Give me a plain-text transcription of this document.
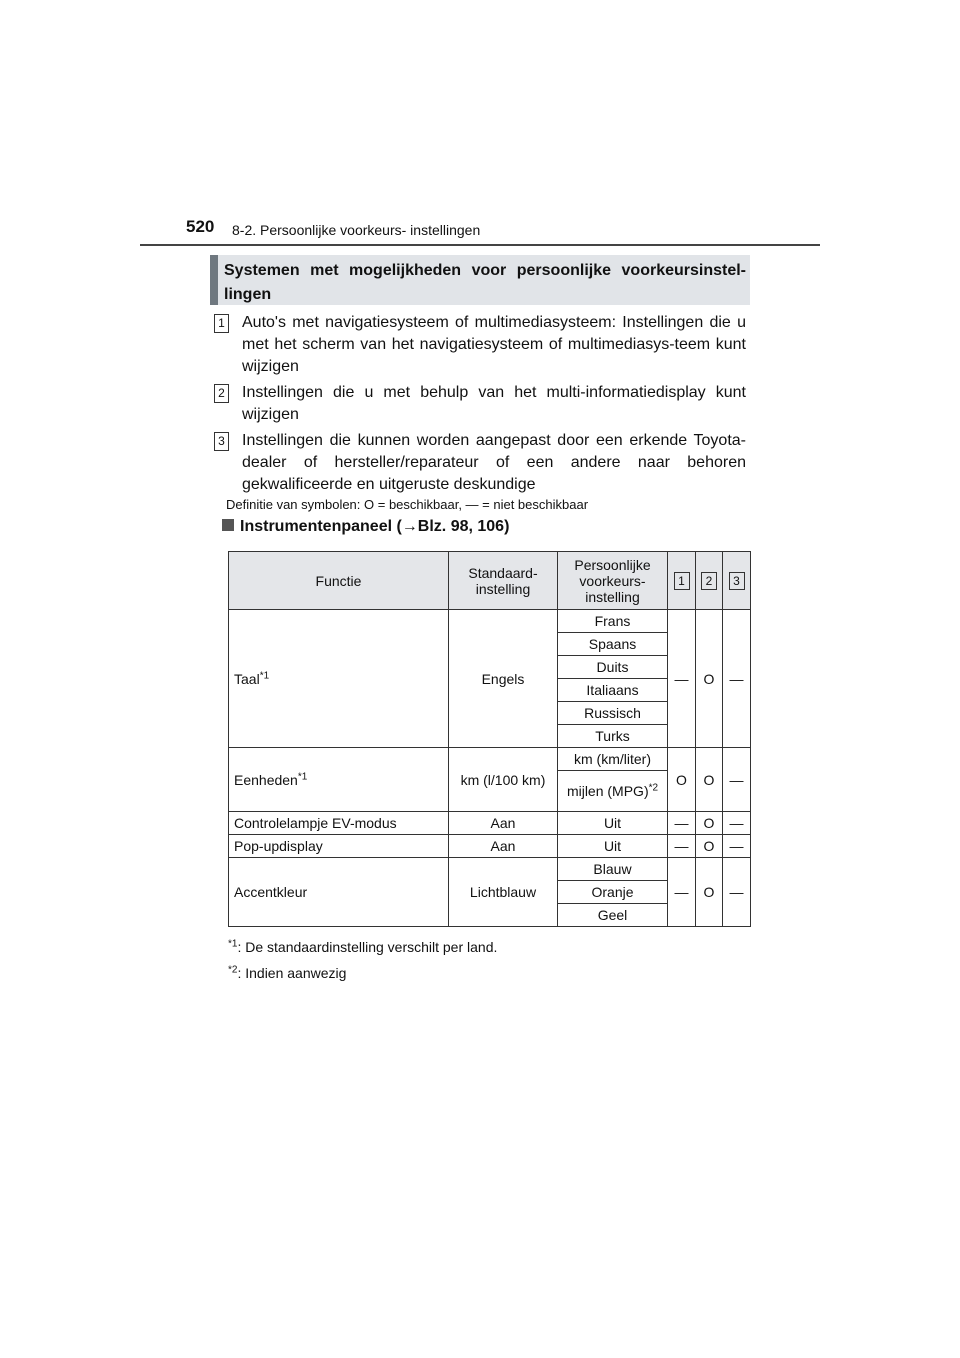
520 8-2. Persoonlijke voorkeurs- instellingen
Systemen met mogelijkheden voor persoonlijke voorkeursinstel-lingen
1 Auto's met navigatiesysteem of multimediasysteem: Instellingen die u met het scherm van het navigatiesysteem of multimediasys-teem kunt wijzigen
2 Instellingen die u met behulp van het multi-informatiedisplay kunt wijzigen
3 Instellingen die kunnen worden aangepast door een erkende Toyota-dealer of hersteller/reparateur of een andere naar behoren gekwalificeerde en uitgeruste deskundige
Definitie van symbolen: O = beschikbaar, — = niet beschikbaar
Instrumentenpaneel (→Blz. 98, 106)
Functie	Standaard-instelling	Persoonlijke voorkeurs-instelling	1	2	3
Taal$^{*1}$	Engels	Frans	—	O	—
		Spaans			
		Duits			
		Italiaans			
		Russisch			
		Turks			
Eenheden$^{*1}$	km (l/100 km)	km (km/liter)	O	O	—
		mijlen (MPG)$^{*2}$
Controlelampje EV-modus	Aan	Uit	—	O	—
Pop-updisplay	Aan	Uit	—	O	—
Accentkleur	Lichtblauw	Blauw	—	O	—
		Oranje			
		Geel			
$^{*1}$: De standaardinstelling verschilt per land.
$^{*2}$: Indien aanwezig
